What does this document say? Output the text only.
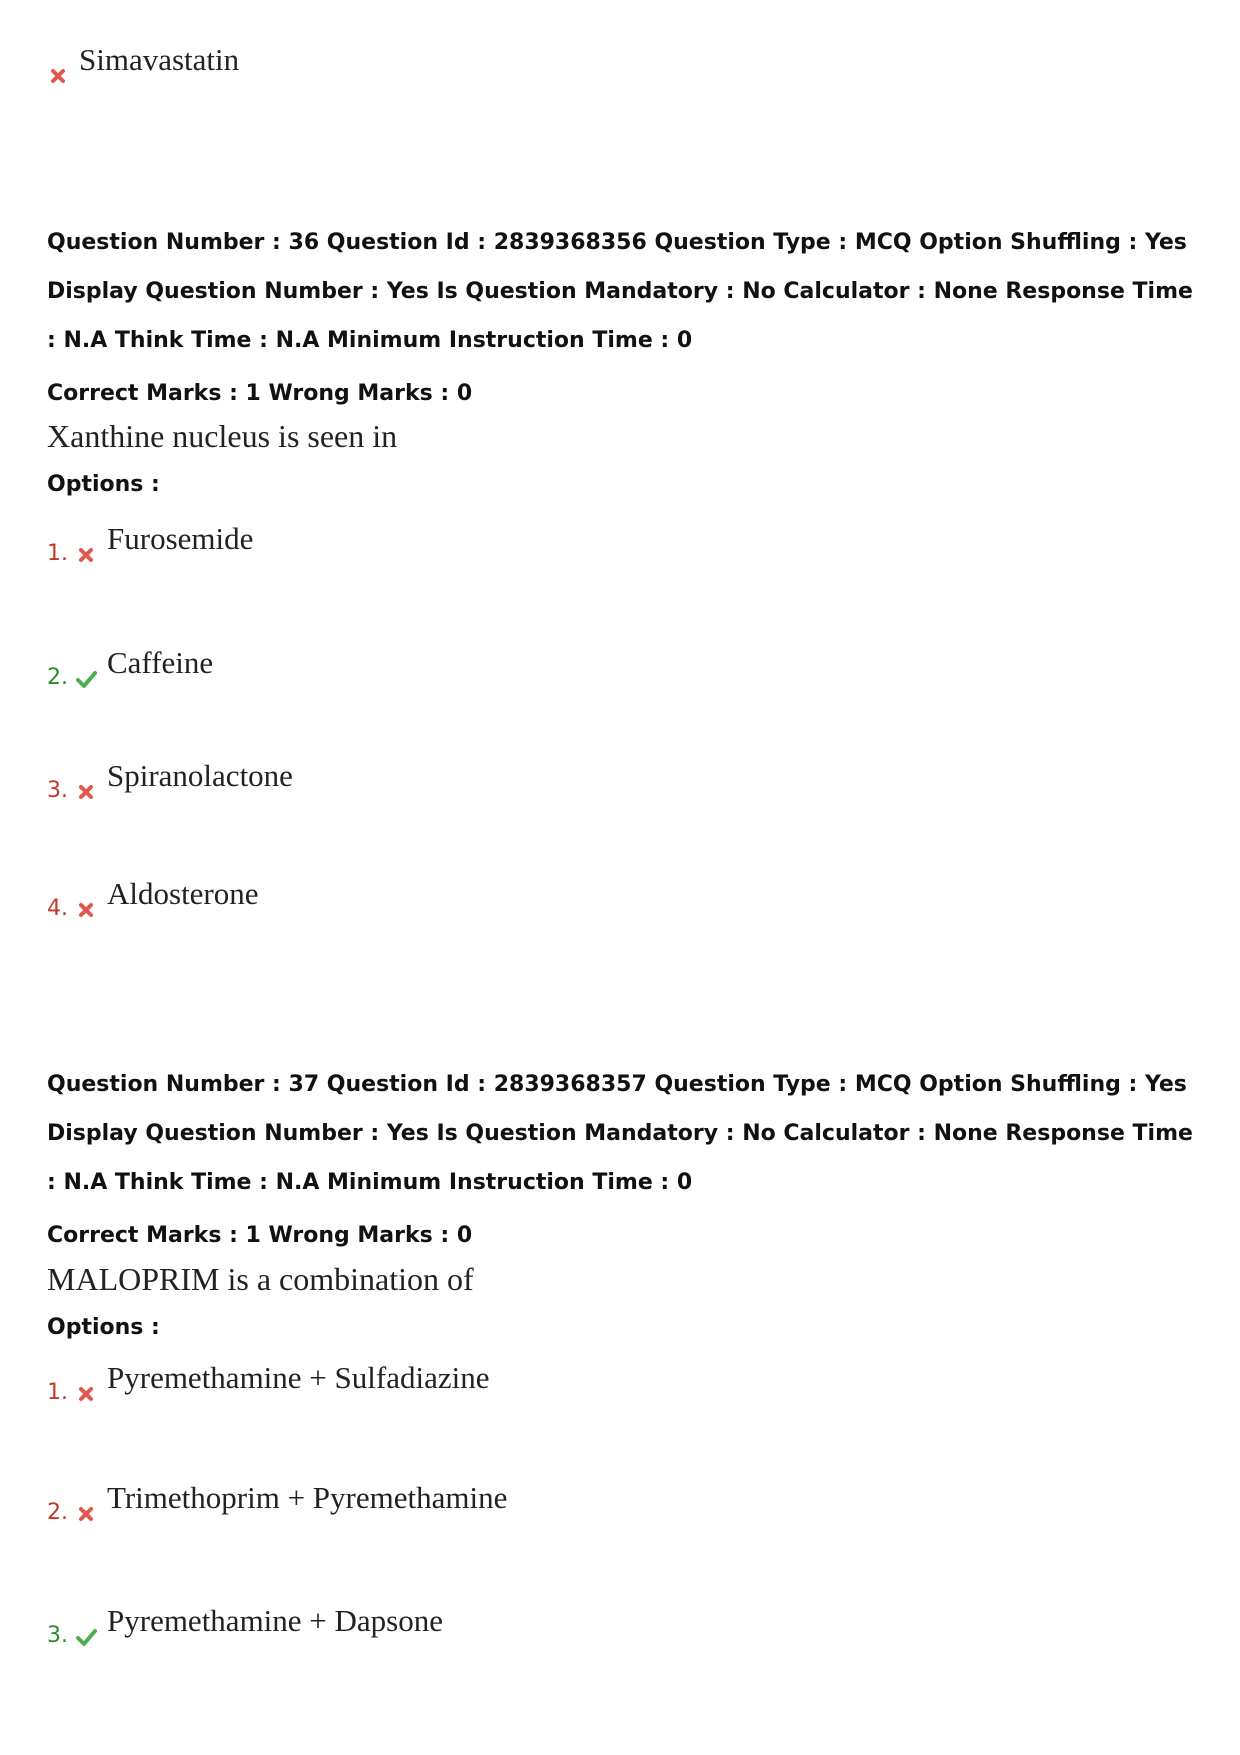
Simavastatin
Question Number : 36 Question Id : 2839368356 Question Type : MCQ Option Shuffling : Yes
Display Question Number : Yes Is Question Mandatory : No Calculator : None Response Time
: N.A Think Time : N.A Minimum Instruction Time : 0
Correct Marks : 1 Wrong Marks : 0
Xanthine nucleus is seen in
Options :
1. Furosemide
2. Caffeine
3. Spiranolactone
4. Aldosterone
Question Number : 37 Question Id : 2839368357 Question Type : MCQ Option Shuffling : Yes
Display Question Number : Yes Is Question Mandatory : No Calculator : None Response Time
: N.A Think Time : N.A Minimum Instruction Time : 0
Correct Marks : 1 Wrong Marks : 0
MALOPRIM is a combination of
Options :
1. Pyremethamine + Sulfadiazine
2. Trimethoprim + Pyremethamine
3. Pyremethamine + Dapsone
